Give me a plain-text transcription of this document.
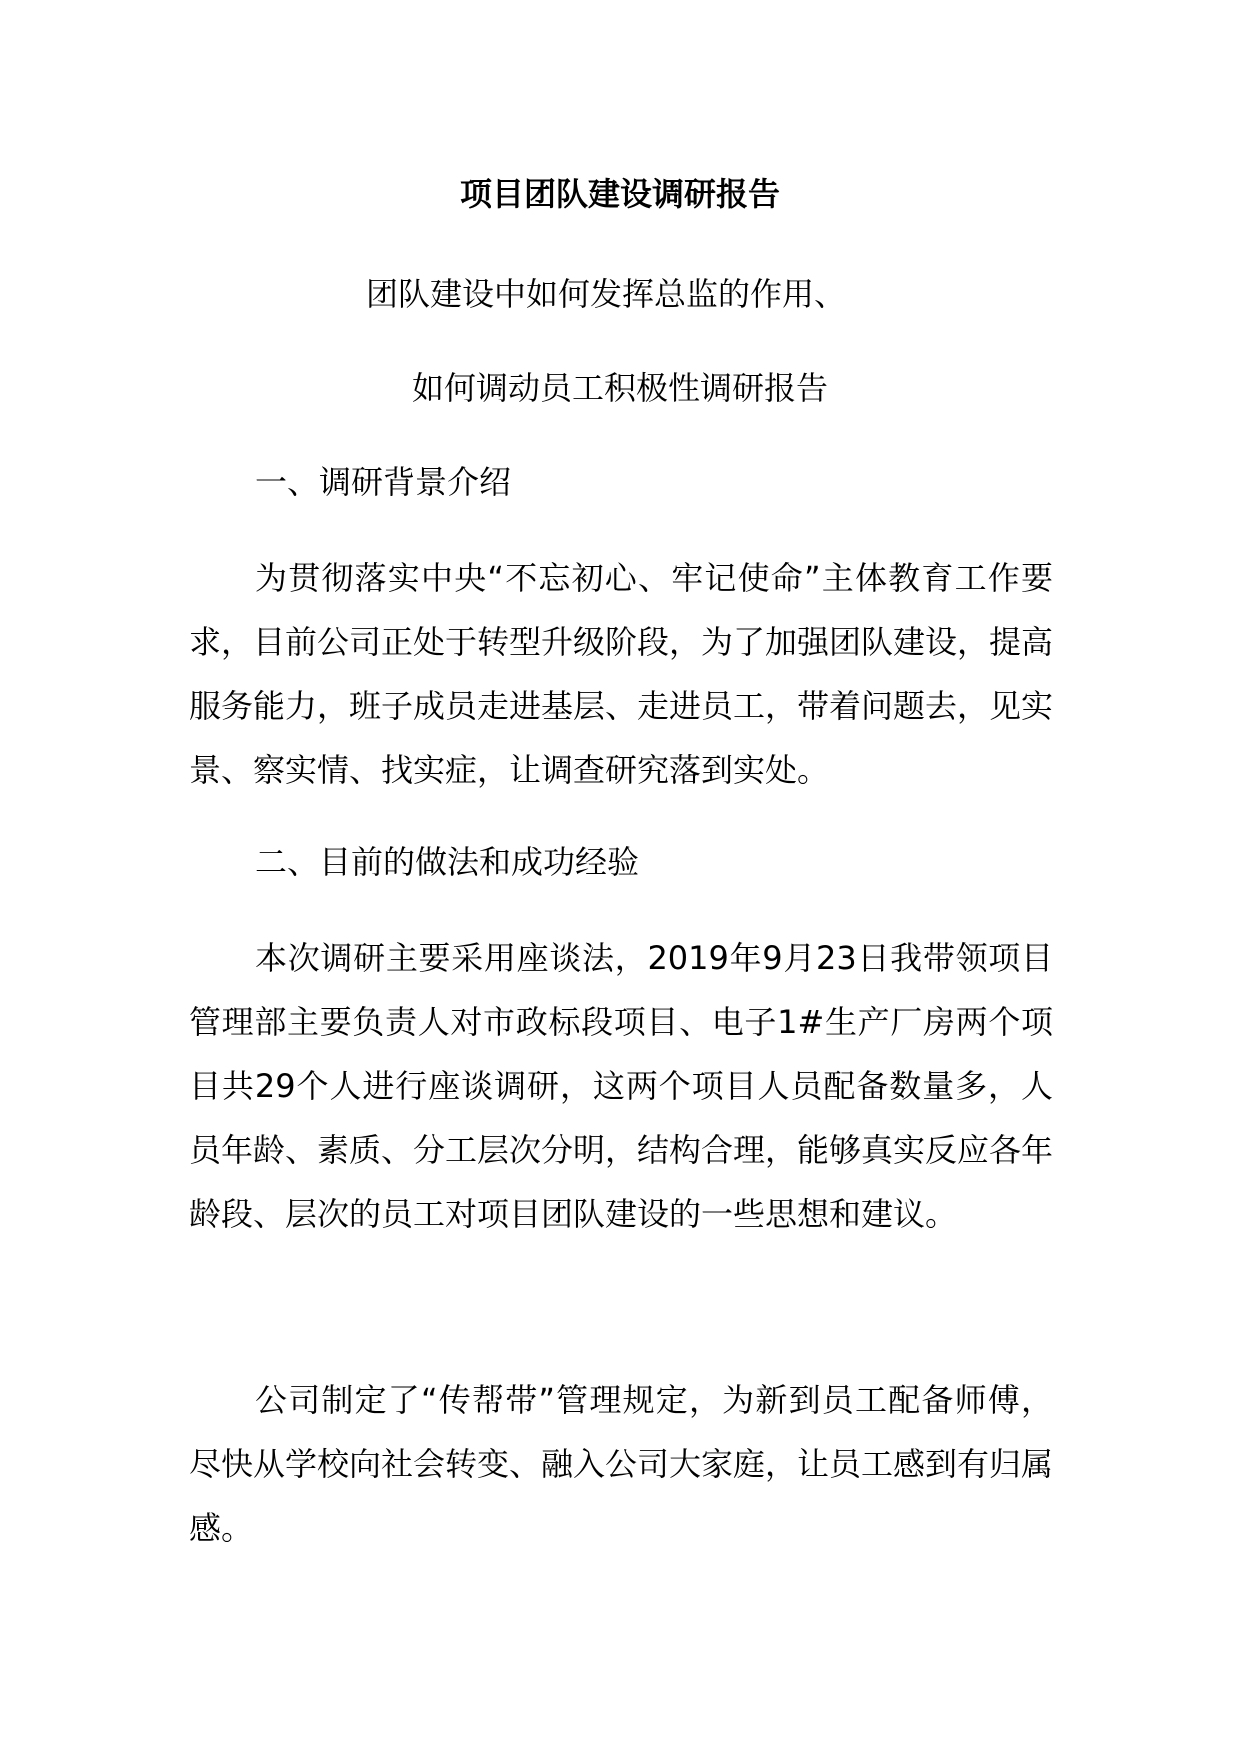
项目团队建设调研报告
团队建设中如何发挥总监的作用、
如何调动员工积极性调研报告
一、调研背景介绍

为贯彻落实中央“不忘初心、牢记使命”主体教育工作要求，目前公司正处于转型升级阶段，为了加强团队建设，提高服务能力，班子成员走进基层、走进员工，带着问题去，见实景、察实情、找实症，让调查研究落到实处。

二、目前的做法和成功经验

本次调研主要采用座谈法，2019年9月23日我带领项目管理部主要负责人对市政标段项目、电子1#生产厂房两个项目共29个人进行座谈调研，这两个项目人员配备数量多，人员年龄、素质、分工层次分明，结构合理，能够真实反应各年龄段、层次的员工对项目团队建设的一些思想和建议。

公司制定了“传帮带”管理规定，为新到员工配备师傅，尽快从学校向社会转变、融入公司大家庭，让员工感到有归属感。
